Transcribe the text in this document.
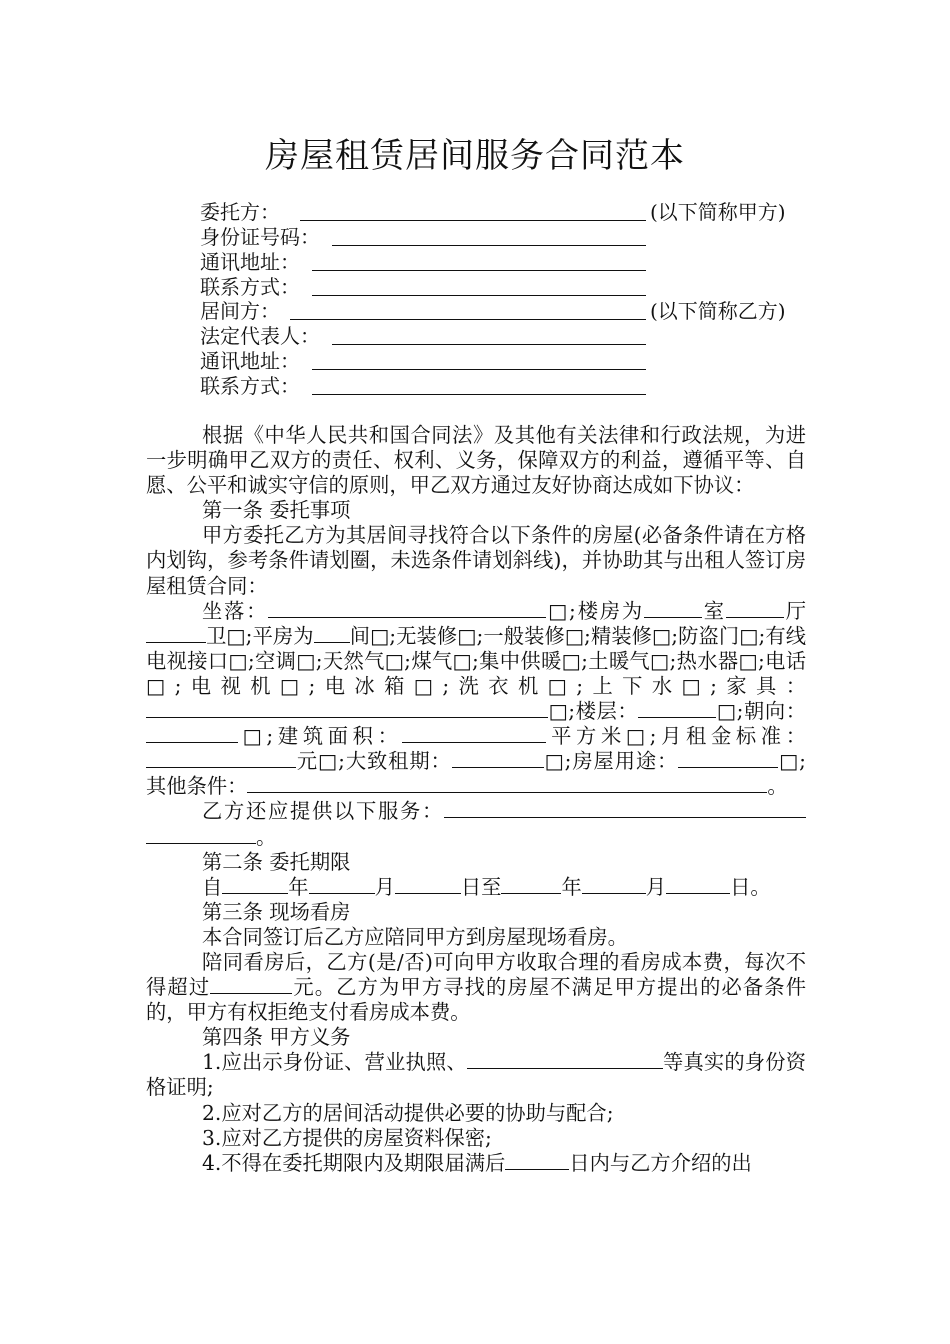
房屋租赁居间服务合同范本
委托方：	(以下简称甲方)
身份证号码：
通讯地址：
联系方式：
居间方：	(以下简称乙方)
法定代表人：
通讯地址：
联系方式：

根据《中华人民共和国合同法》及其他有关法律和行政法规，为进一步明确甲乙双方的责任、权利、义务，保障双方的利益，遵循平等、自愿、公平和诚实守信的原则，甲乙双方通过友好协商达成如下协议：

第一条 委托事项

甲方委托乙方为其居间寻找符合以下条件的房屋(必备条件请在方格内划钩，参考条件请划圈，未选条件请划斜线)，并协助其与出租人签订房屋租赁合同：

坐落：	□;楼房为	室	厅卫□;平房为 间□;无装修□;一般装修□;精装修□;防盗门□;有线电视接口□;空调□;天然气□;煤气□;集中供暖□;土暖气□;热水器□;电话□;电视机□;电冰箱□;洗衣机□;上下水□;家具：□;楼层：	□;朝向：□;建筑面积：	平方米□;月租金标准：元□;大致租期：	□;房屋用途：	□;其他条件：	。

乙方还应提供以下服务：。

第二条 委托期限

自	年	月	日至	年	月	日。

第三条 现场看房

本合同签订后乙方应陪同甲方到房屋现场看房。

陪同看房后，乙方(是/否)可向甲方收取合理的看房成本费，每次不得超过	元。乙方为甲方寻找的房屋不满足甲方提出的必备条件的，甲方有权拒绝支付看房成本费。

第四条 甲方义务

1.应出示身份证、营业执照、	等真实的身份资格证明;

2.应对乙方的居间活动提供必要的协助与配合;

3.应对乙方提供的房屋资料保密;

4.不得在委托期限内及期限届满后	日内与乙方介绍的出
